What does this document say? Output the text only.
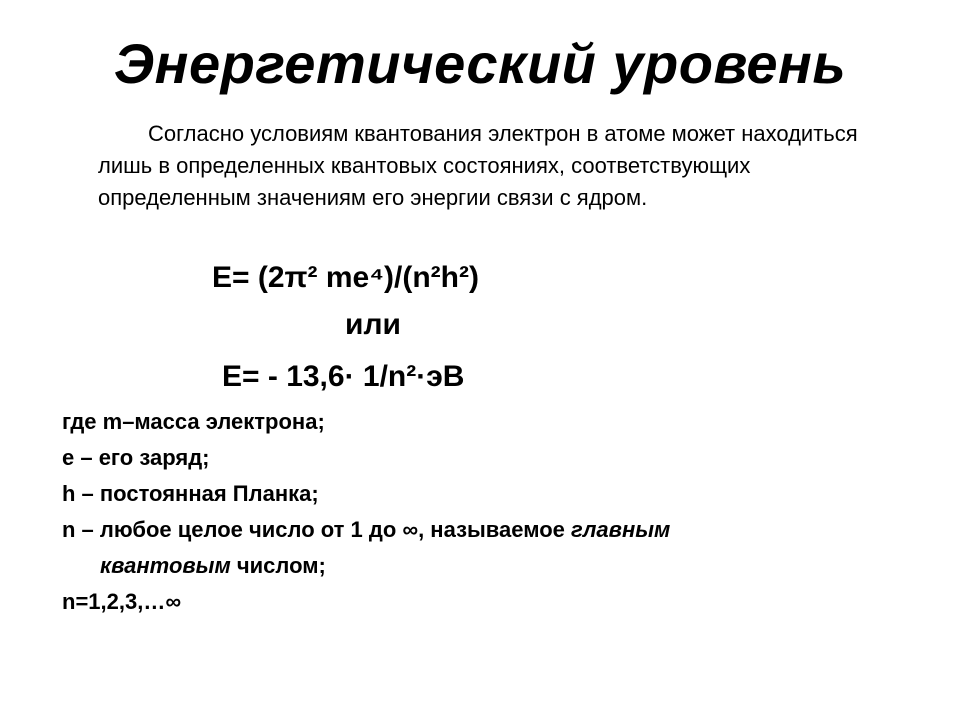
Энергетический уровень
Согласно условиям квантования электрон в атоме может находиться лишь в определенных квантовых состояниях, соответствующих определенным значениям его энергии связи с ядром.
E= (2π² me⁴)/(n²h²)
или
E= - 13,6· 1/n²·эВ
где m–масса электрона;
e – его заряд;
h – постоянная Планка;
n – любое целое число от 1 до ∞, называемое главным
квантовым числом;
n=1,2,3,…∞
